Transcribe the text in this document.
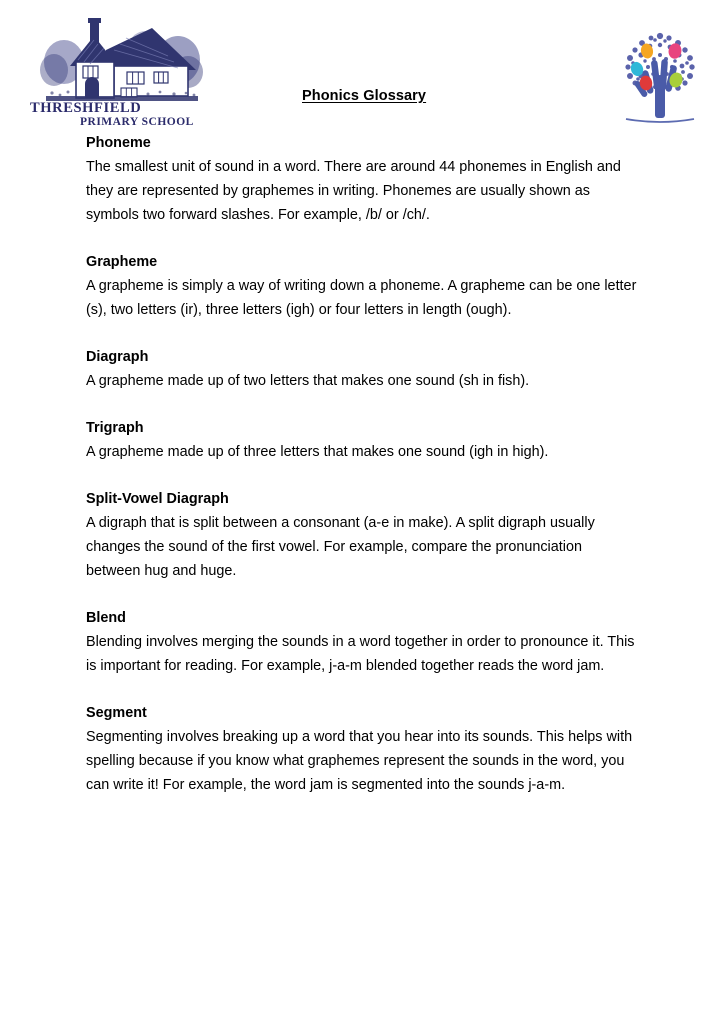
THRESHFIELD
PRIMARY SCHOOL
Phonics Glossary
Phoneme

The smallest unit of sound in a word. There are around 44 phonemes in English and they are represented by graphemes in writing. Phonemes are usually shown as symbols two forward slashes. For example, /b/ or /ch/.

Grapheme

A grapheme is simply a way of writing down a phoneme. A grapheme can be one letter (s), two letters (ir), three letters (igh) or four letters in length (ough).

Diagraph

A grapheme made up of two letters that makes one sound (sh in fish).

Trigraph

A grapheme made up of three letters that makes one sound (igh in high).

Split-Vowel Diagraph

A digraph that is split between a consonant (a-e in make). A split digraph usually changes the sound of the first vowel. For example, compare the pronunciation between hug and huge.

Blend

Blending involves merging the sounds in a word together in order to pronounce it. This is important for reading. For example, j-a-m blended together reads the word jam.

Segment

Segmenting involves breaking up a word that you hear into its sounds. This helps with spelling because if you know what graphemes represent the sounds in the word, you can write it! For example, the word jam is segmented into the sounds j-a-m.
